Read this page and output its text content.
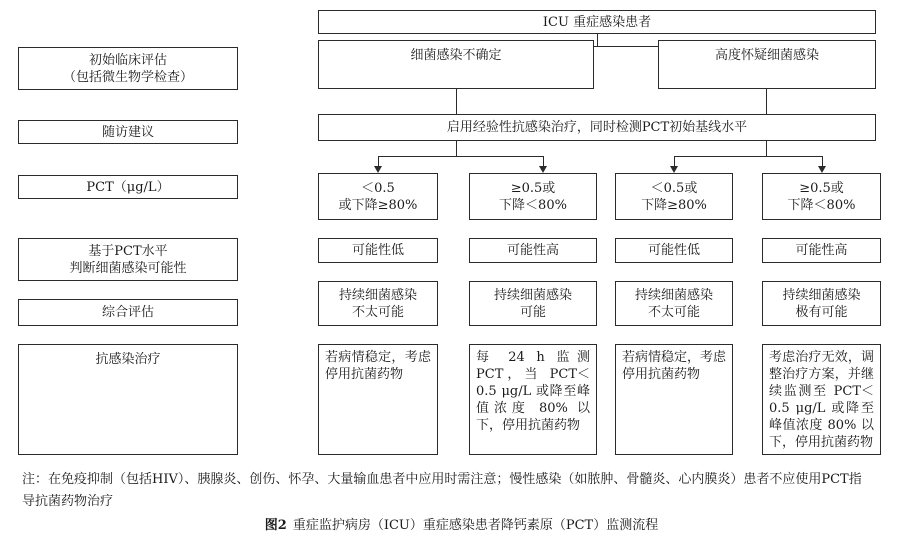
初始临床评估
（包括微生物学检查）
随访建议
PCT（μg/L）
基于PCT水平
判断细菌感染可能性
综合评估
抗感染治疗
ICU 重症感染患者
细菌感染不确定	高度怀疑细菌感染
启用经验性抗感染治疗，同时检测PCT初始基线水平
＜0.5
或下降≥80%
可能性低
持续细菌感染
不太可能
若病情稳定，考虑停用抗菌药物
≥0.5或
下降＜80%
可能性高
持续细菌感染
可能
每 24 h 监测 PCT，当 PCT＜0.5 μg/L 或降至峰值浓度 80% 以下，停用抗菌药物
＜0.5或
下降≥80%
可能性低
持续细菌感染
不太可能
若病情稳定，考虑停用抗菌药物
≥0.5或
下降＜80%
可能性高
持续细菌感染
极有可能
考虑治疗无效，调整治疗方案，并继续监测至 PCT＜0.5 μg/L 或降至峰值浓度 80% 以下，停用抗菌药物
注：在免疫抑制（包括HIV）、胰腺炎、创伤、怀孕、大量输血患者中应用时需注意；慢性感染（如脓肿、骨髓炎、心内膜炎）患者不应使用PCT指
导抗菌药物治疗
图2 重症监护病房（ICU）重症感染患者降钙素原（PCT）监测流程
